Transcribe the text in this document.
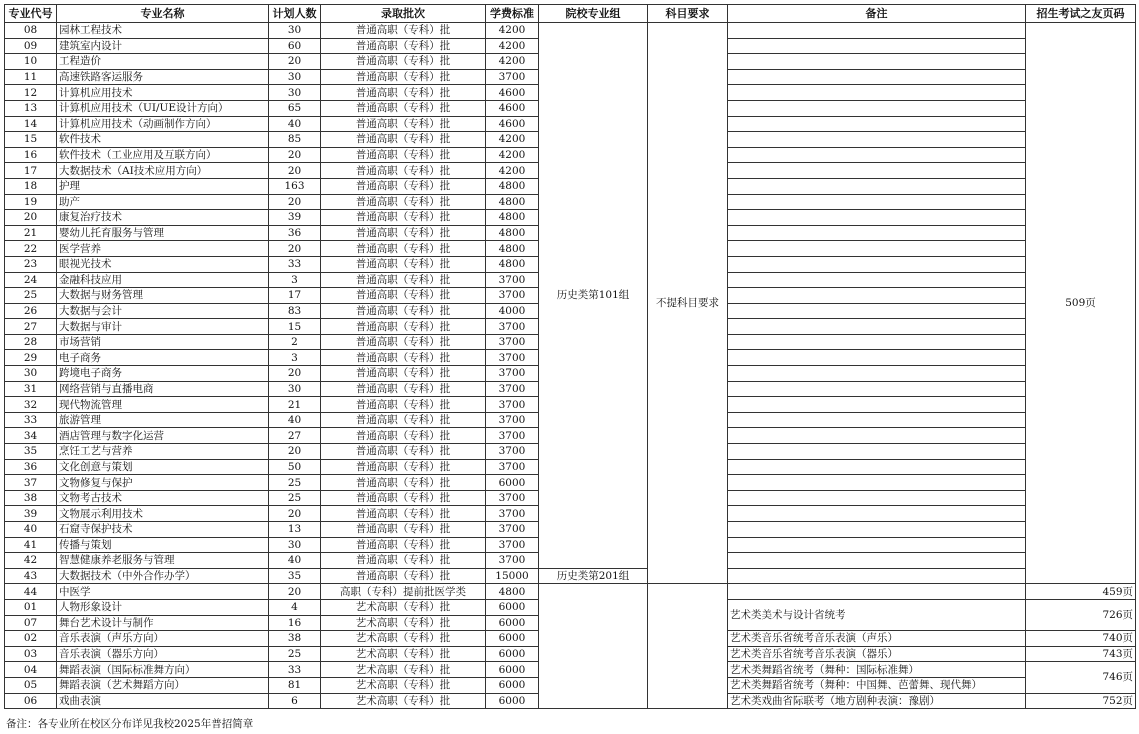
专业代号	专业名称	计划人数	录取批次	学费标准	院校专业组	科目要求	备注	招生考试之友页码
08	园林工程技术	30	普通高职（专科）批	4200	历史类第101组	不提科目要求		509页
09	建筑室内设计	60	普通高职（专科）批	4200				
10	工程造价	20	普通高职（专科）批	4200				
11	高速铁路客运服务	30	普通高职（专科）批	3700				
12	计算机应用技术	30	普通高职（专科）批	4600				
13	计算机应用技术（UI/UE设计方向）	65	普通高职（专科）批	4600				
14	计算机应用技术（动画制作方向）	40	普通高职（专科）批	4600				
15	软件技术	85	普通高职（专科）批	4200				
16	软件技术（工业应用及互联方向）	20	普通高职（专科）批	4200				
17	大数据技术（AI技术应用方向）	20	普通高职（专科）批	4200				
18	护理	163	普通高职（专科）批	4800				
19	助产	20	普通高职（专科）批	4800				
20	康复治疗技术	39	普通高职（专科）批	4800				
21	婴幼儿托育服务与管理	36	普通高职（专科）批	4800				
22	医学营养	20	普通高职（专科）批	4800				
23	眼视光技术	33	普通高职（专科）批	4800				
24	金融科技应用	3	普通高职（专科）批	3700				
25	大数据与财务管理	17	普通高职（专科）批	3700				
26	大数据与会计	83	普通高职（专科）批	4000				
27	大数据与审计	15	普通高职（专科）批	3700				
28	市场营销	2	普通高职（专科）批	3700				
29	电子商务	3	普通高职（专科）批	3700				
30	跨境电子商务	20	普通高职（专科）批	3700				
31	网络营销与直播电商	30	普通高职（专科）批	3700				
32	现代物流管理	21	普通高职（专科）批	3700				
33	旅游管理	40	普通高职（专科）批	3700				
34	酒店管理与数字化运营	27	普通高职（专科）批	3700				
35	烹饪工艺与营养	20	普通高职（专科）批	3700				
36	文化创意与策划	50	普通高职（专科）批	3700				
37	文物修复与保护	25	普通高职（专科）批	6000				
38	文物考古技术	25	普通高职（专科）批	3700				
39	文物展示利用技术	20	普通高职（专科）批	3700				
40	石窟寺保护技术	13	普通高职（专科）批	3700				
41	传播与策划	30	普通高职（专科）批	3700				
42	智慧健康养老服务与管理	40	普通高职（专科）批	3700				
43	大数据技术（中外合作办学）	35	普通高职（专科）批	15000	历史类第201组			
44	中医学	20	高职（专科）提前批医学类	4800				459页
01	人物形象设计	4	艺术高职（专科）批	6000			艺术类美术与设计省统考	726页
07	舞台艺术设计与制作	16	艺术高职（专科）批	6000				
02	音乐表演（声乐方向）	38	艺术高职（专科）批	6000			艺术类音乐省统考音乐表演（声乐）	740页
03	音乐表演（器乐方向）	25	艺术高职（专科）批	6000			艺术类音乐省统考音乐表演（器乐）	743页
04	舞蹈表演（国际标准舞方向）	33	艺术高职（专科）批	6000			艺术类舞蹈省统考（舞种：国际标准舞）	746页
05	舞蹈表演（艺术舞蹈方向）	81	艺术高职（专科）批	6000			艺术类舞蹈省统考（舞种：中国舞、芭蕾舞、现代舞）	
06	戏曲表演	6	艺术高职（专科）批	6000			艺术类戏曲省际联考（地方剧种表演：豫剧）	752页
备注：各专业所在校区分布详见我校2025年普招简章
